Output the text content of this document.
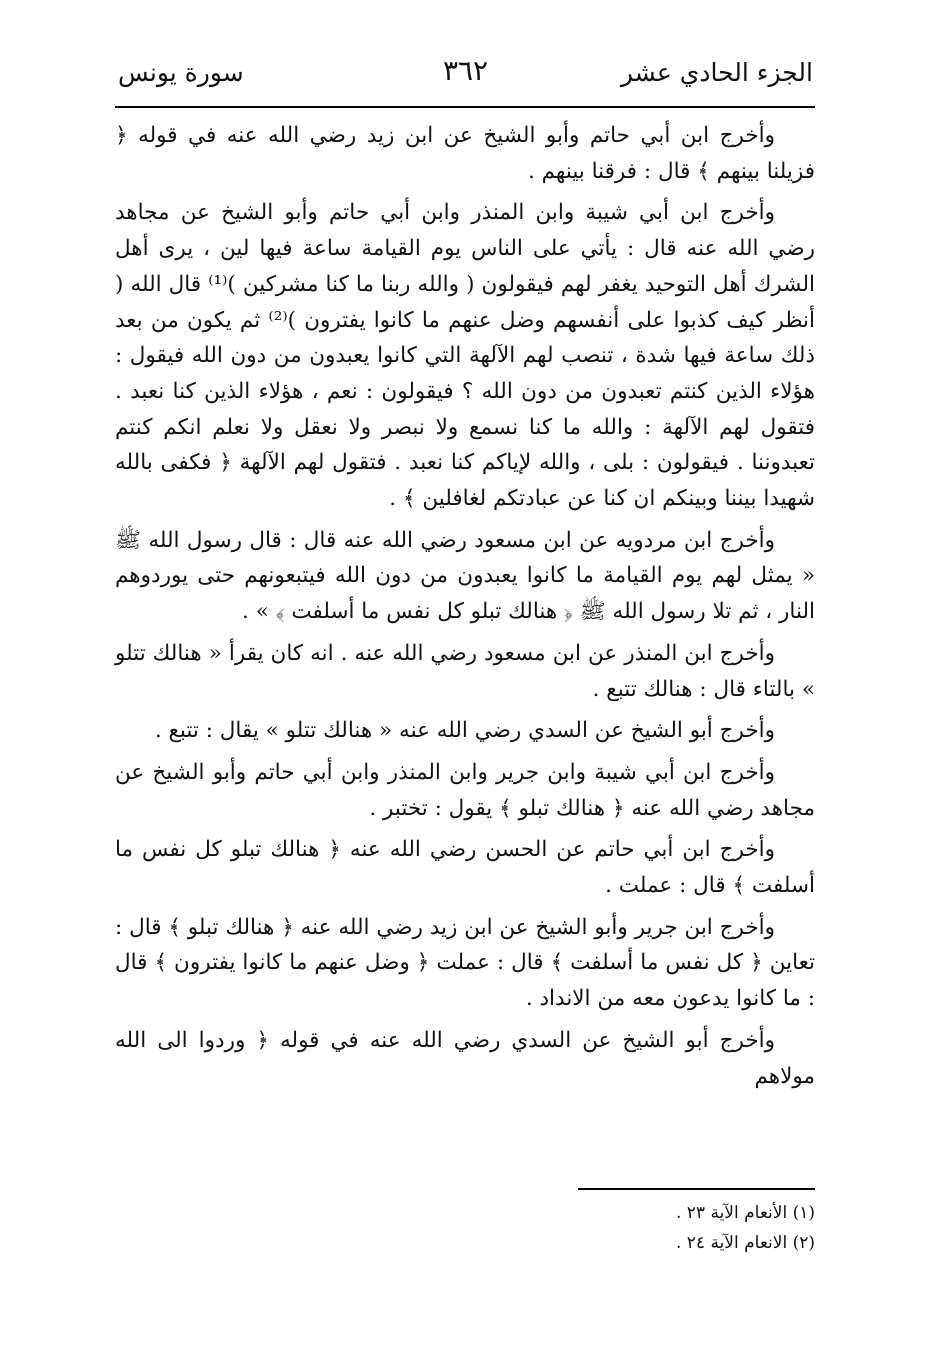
الجزء الحادي عشر
٣٦٢
سورة يونس

وأخرج ابن أبي حاتم وأبو الشيخ عن ابن زيد رضي الله عنه في قوله ﴿ فزيلنا بينهم ﴾ قال : فرقنا بينهم .

وأخرج ابن أبي شيبة وابن المنذر وابن أبي حاتم وأبو الشيخ عن مجاهد رضي الله عنه قال : يأتي على الناس يوم القيامة ساعة فيها لين ، يرى أهل الشرك أهل التوحيد يغفر لهم فيقولون ( والله ربنا ما كنا مشركين )⁽¹⁾ قال الله ( أنظر كيف كذبوا على أنفسهم وضل عنهم ما كانوا يفترون )⁽²⁾ ثم يكون من بعد ذلك ساعة فيها شدة ، تنصب لهم الآلهة التي كانوا يعبدون من دون الله فيقول : هؤلاء الذين كنتم تعبدون من دون الله ؟ فيقولون : نعم ، هؤلاء الذين كنا نعبد . فتقول لهم الآلهة : والله ما كنا نسمع ولا نبصر ولا نعقل ولا نعلم انكم كنتم تعبدوننا . فيقولون : بلى ، والله لإياكم كنا نعبد . فتقول لهم الآلهة ﴿ فكفى بالله شهيدا بيننا وبينكم ان كنا عن عبادتكم لغافلين ﴾ .

وأخرج ابن مردويه عن ابن مسعود رضي الله عنه قال : قال رسول الله ﷺ « يمثل لهم يوم القيامة ما كانوا يعبدون من دون الله فيتبعونهم حتى يوردوهم النار ، ثم تلا رسول الله ﷺ ﴿ هنالك تبلو كل نفس ما أسلفت ﴾ » .

وأخرج ابن المنذر عن ابن مسعود رضي الله عنه . انه كان يقرأ « هنالك تتلو » بالتاء قال : هنالك تتبع .

وأخرج أبو الشيخ عن السدي رضي الله عنه « هنالك تتلو » يقال : تتبع .

وأخرج ابن أبي شيبة وابن جرير وابن المنذر وابن أبي حاتم وأبو الشيخ عن مجاهد رضي الله عنه ﴿ هنالك تبلو ﴾ يقول : تختبر .

وأخرج ابن أبي حاتم عن الحسن رضي الله عنه ﴿ هنالك تبلو كل نفس ما أسلفت ﴾ قال : عملت .

وأخرج ابن جرير وأبو الشيخ عن ابن زيد رضي الله عنه ﴿ هنالك تبلو ﴾ قال : تعاين ﴿ كل نفس ما أسلفت ﴾ قال : عملت ﴿ وضل عنهم ما كانوا يفترون ﴾ قال : ما كانوا يدعون معه من الانداد .

وأخرج أبو الشيخ عن السدي رضي الله عنه في قوله ﴿ وردوا الى الله مولاهم

(١) الأنعام الآية ٢٣ .
(٢) الانعام الآية ٢٤ .
